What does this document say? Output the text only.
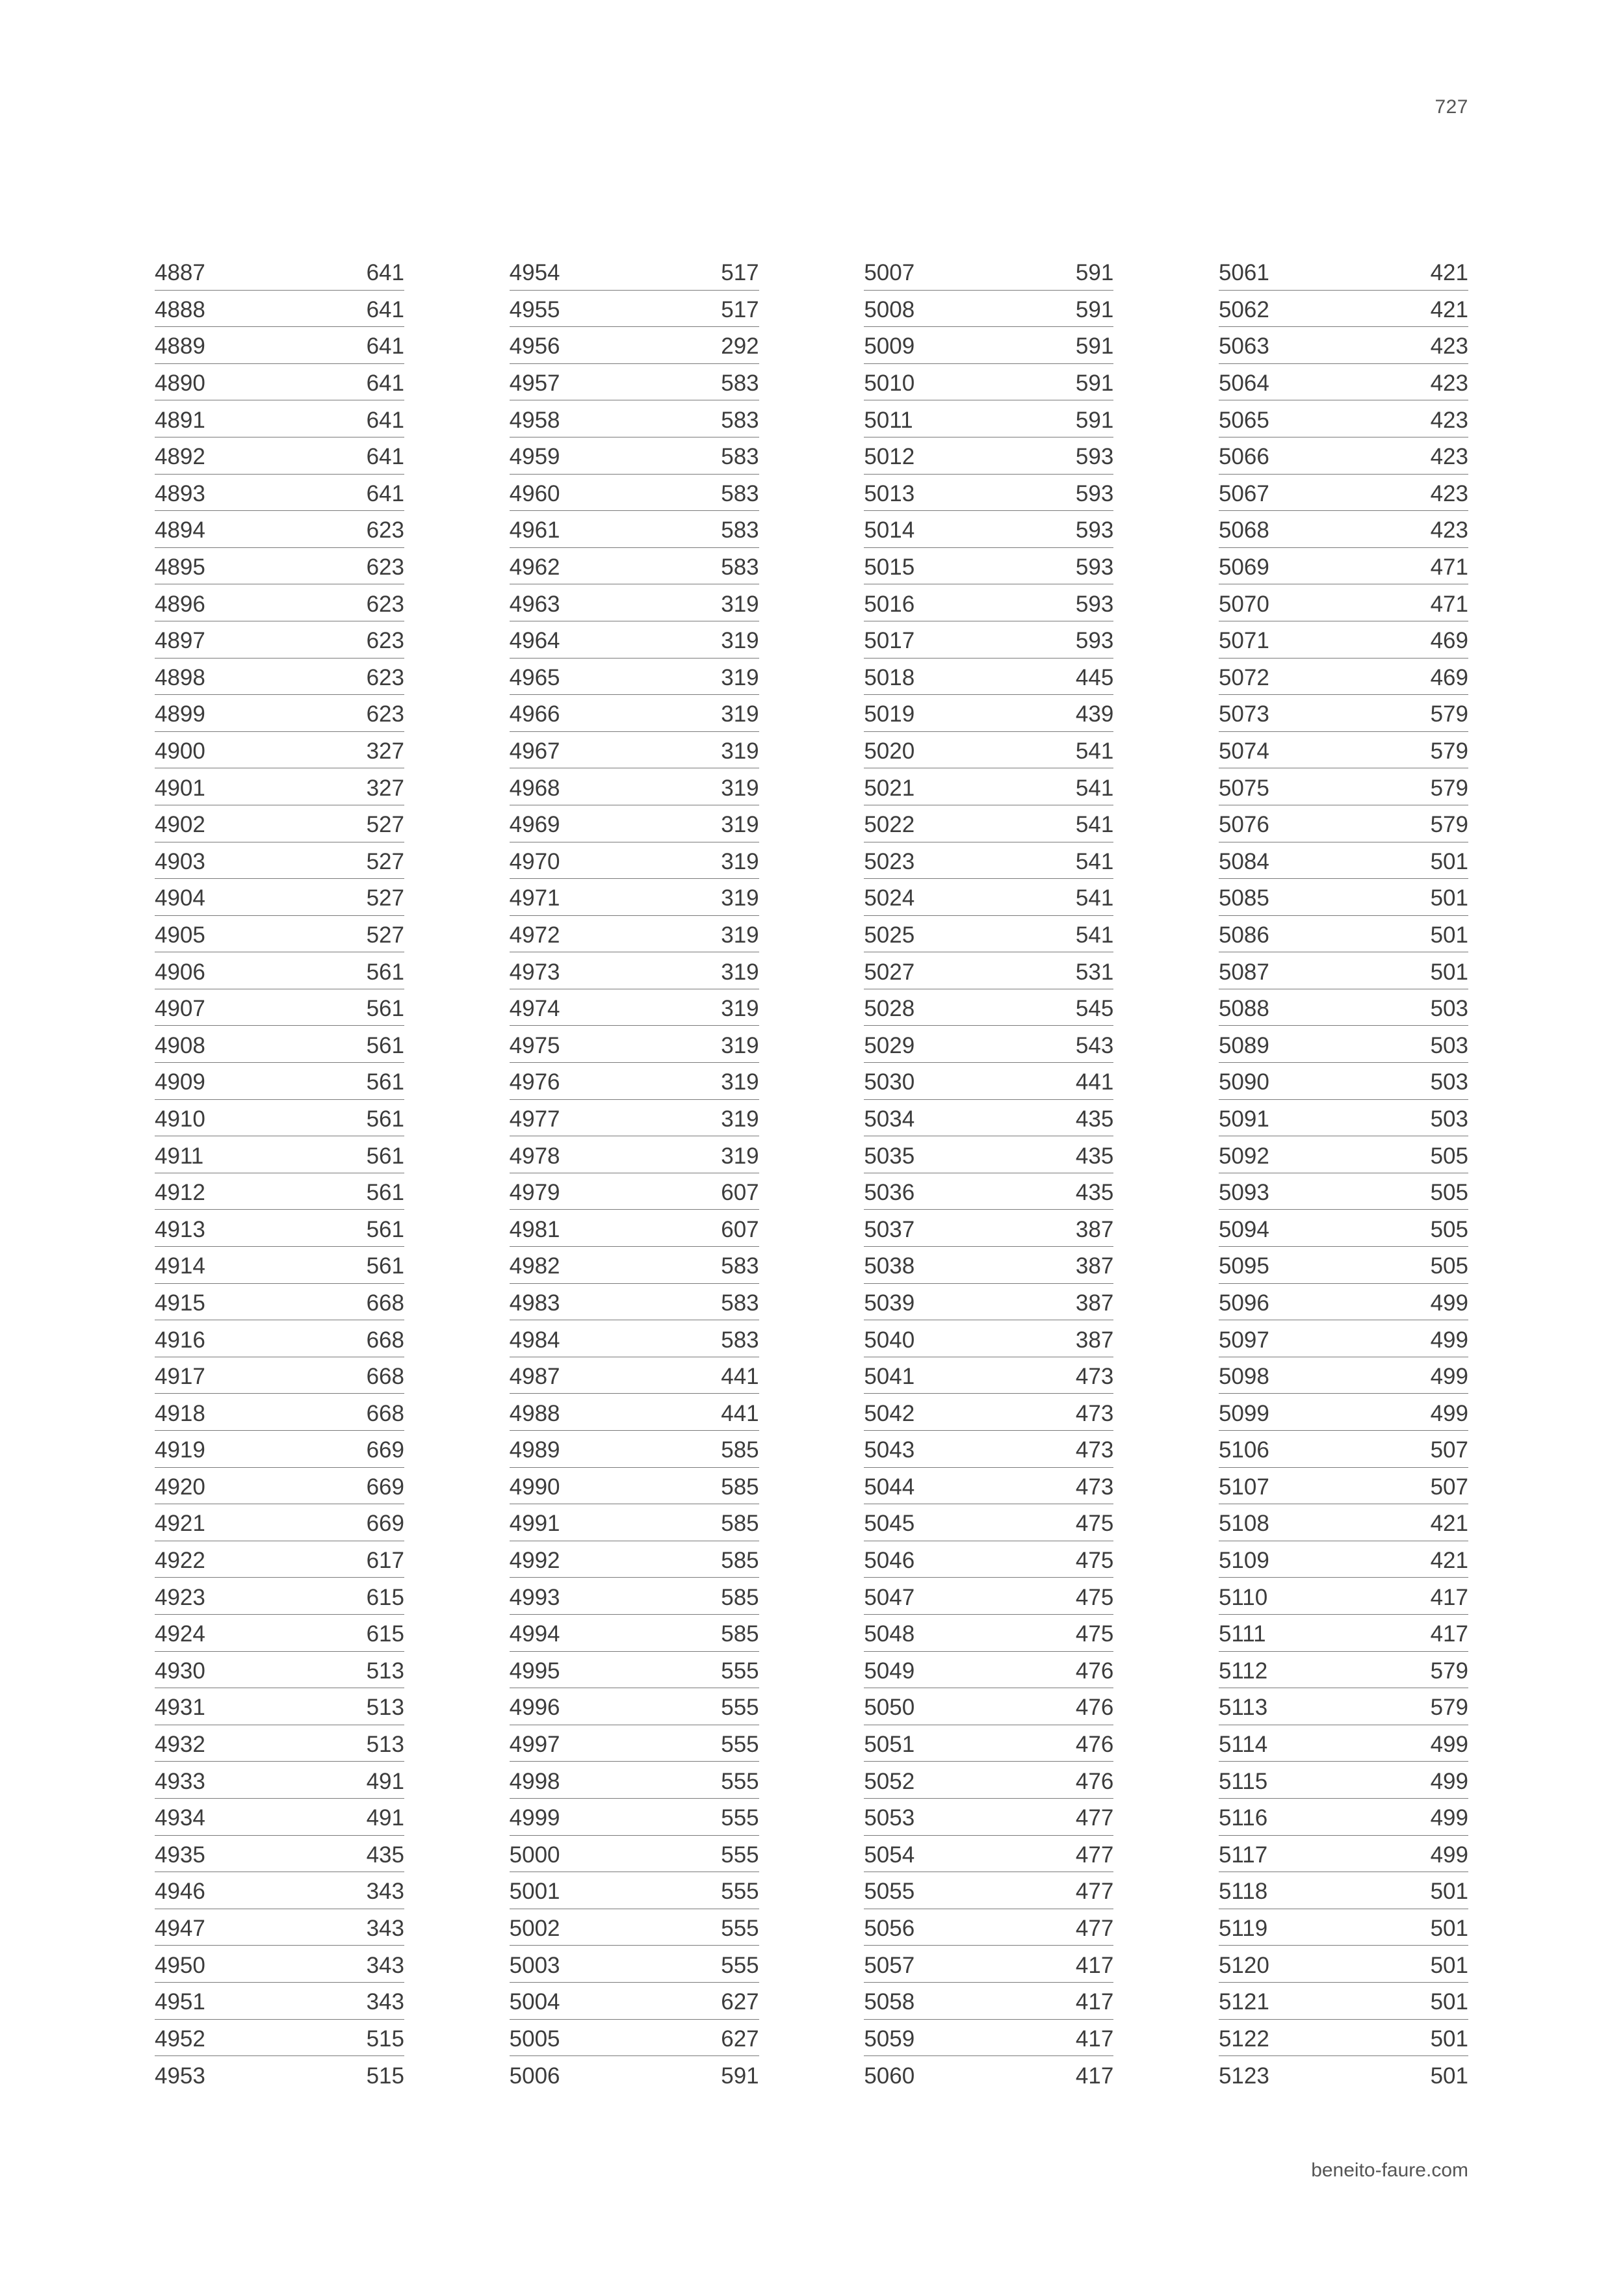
727
4887	641
4888	641
4889	641
4890	641
4891	641
4892	641
4893	641
4894	623
4895	623
4896	623
4897	623
4898	623
4899	623
4900	327
4901	327
4902	527
4903	527
4904	527
4905	527
4906	561
4907	561
4908	561
4909	561
4910	561
4911	561
4912	561
4913	561
4914	561
4915	668
4916	668
4917	668
4918	668
4919	669
4920	669
4921	669
4922	617
4923	615
4924	615
4930	513
4931	513
4932	513
4933	491
4934	491
4935	435
4946	343
4947	343
4950	343
4951	343
4952	515
4953	515
4954	517
4955	517
4956	292
4957	583
4958	583
4959	583
4960	583
4961	583
4962	583
4963	319
4964	319
4965	319
4966	319
4967	319
4968	319
4969	319
4970	319
4971	319
4972	319
4973	319
4974	319
4975	319
4976	319
4977	319
4978	319
4979	607
4981	607
4982	583
4983	583
4984	583
4987	441
4988	441
4989	585
4990	585
4991	585
4992	585
4993	585
4994	585
4995	555
4996	555
4997	555
4998	555
4999	555
5000	555
5001	555
5002	555
5003	555
5004	627
5005	627
5006	591
5007	591
5008	591
5009	591
5010	591
5011	591
5012	593
5013	593
5014	593
5015	593
5016	593
5017	593
5018	445
5019	439
5020	541
5021	541
5022	541
5023	541
5024	541
5025	541
5027	531
5028	545
5029	543
5030	441
5034	435
5035	435
5036	435
5037	387
5038	387
5039	387
5040	387
5041	473
5042	473
5043	473
5044	473
5045	475
5046	475
5047	475
5048	475
5049	476
5050	476
5051	476
5052	476
5053	477
5054	477
5055	477
5056	477
5057	417
5058	417
5059	417
5060	417
5061	421
5062	421
5063	423
5064	423
5065	423
5066	423
5067	423
5068	423
5069	471
5070	471
5071	469
5072	469
5073	579
5074	579
5075	579
5076	579
5084	501
5085	501
5086	501
5087	501
5088	503
5089	503
5090	503
5091	503
5092	505
5093	505
5094	505
5095	505
5096	499
5097	499
5098	499
5099	499
5106	507
5107	507
5108	421
5109	421
5110	417
5111	417
5112	579
5113	579
5114	499
5115	499
5116	499
5117	499
5118	501
5119	501
5120	501
5121	501
5122	501
5123	501
beneito-faure.com
